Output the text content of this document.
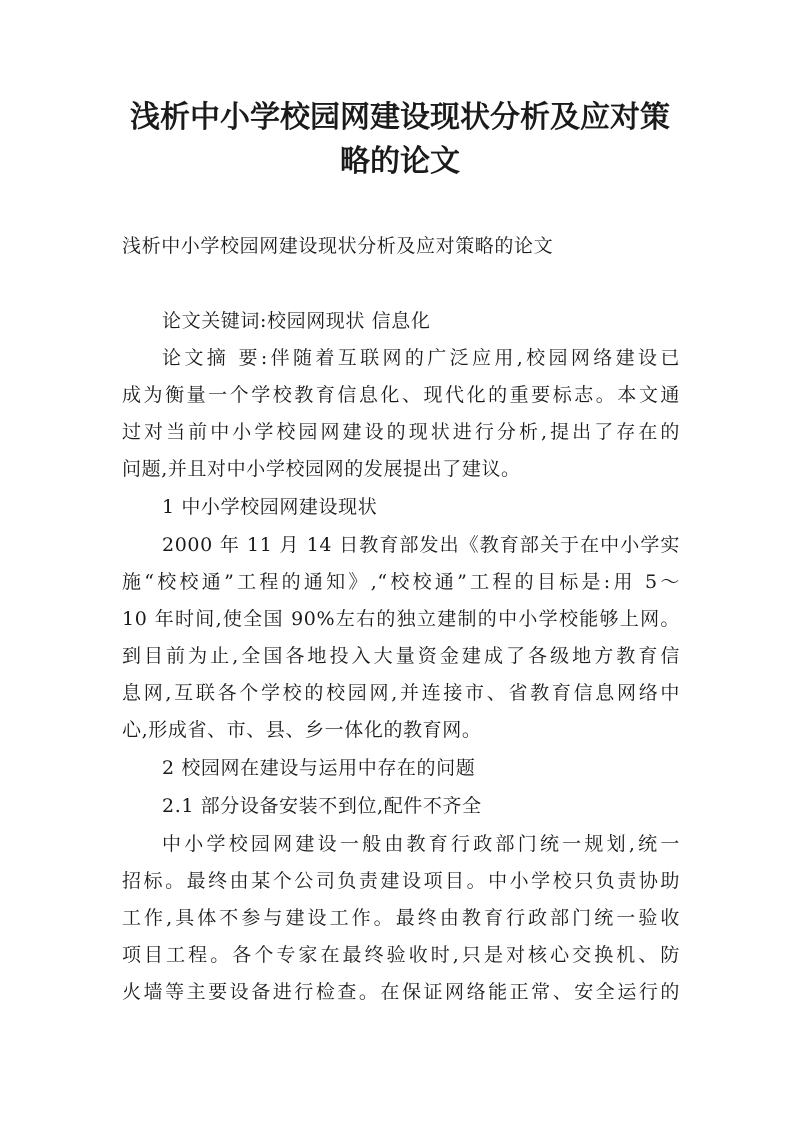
浅析中小学校园网建设现状分析及应对策
略的论文
浅析中小学校园网建设现状分析及应对策略的论文
论文关键词:校园网现状 信息化
论文摘 要:伴随着互联网的广泛应用,校园网络建设已
成为衡量一个学校教育信息化、现代化的重要标志。本文通
过对当前中小学校园网建设的现状进行分析,提出了存在的
问题,并且对中小学校园网的发展提出了建议。
1 中小学校园网建设现状
2000 年 11 月 14 日教育部发出《教育部关于在中小学实
施“校校通”工程的通知》,“校校通”工程的目标是:用 5～
10 年时间,使全国 90%左右的独立建制的中小学校能够上网。
到目前为止,全国各地投入大量资金建成了各级地方教育信
息网,互联各个学校的校园网,并连接市、省教育信息网络中
心,形成省、市、县、乡一体化的教育网。
2 校园网在建设与运用中存在的问题
2.1 部分设备安装不到位,配件不齐全
中小学校园网建设一般由教育行政部门统一规划,统一
招标。最终由某个公司负责建设项目。中小学校只负责协助
工作,具体不参与建设工作。最终由教育行政部门统一验收
项目工程。各个专家在最终验收时,只是对核心交换机、防
火墙等主要设备进行检查。在保证网络能正常、安全运行的
